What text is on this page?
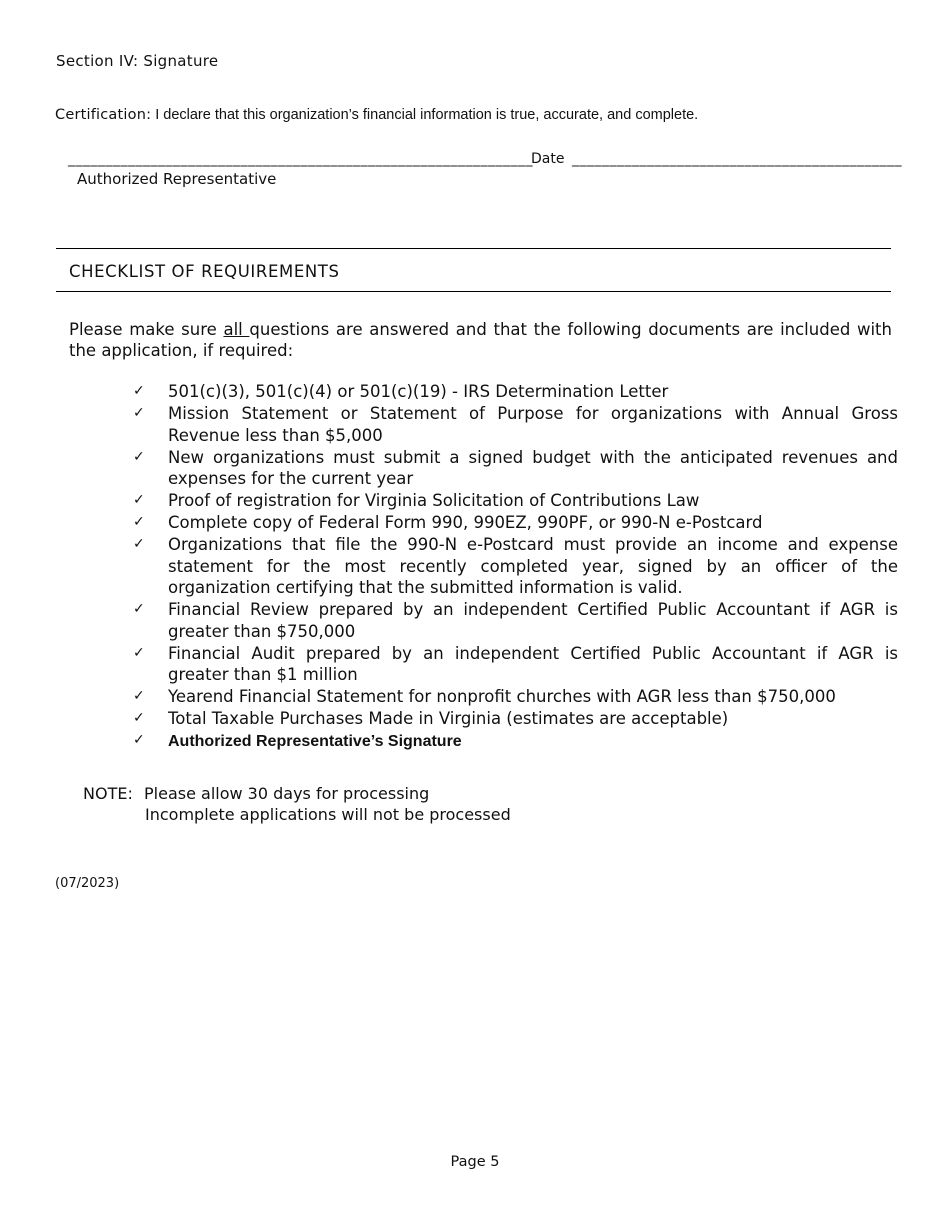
Section IV: Signature
Certification: I declare that this organization’s financial information is true, accurate, and complete.
______________________________________________________________
Date ____________________________________________
Authorized Representative
CHECKLIST OF REQUIREMENTS
Please make sure all questions are answered and that the following documents are included with the application, if required:
✓ 501(c)(3), 501(c)(4) or 501(c)(19) - IRS Determination Letter
✓ Mission Statement or Statement of Purpose for organizations with Annual Gross Revenue less than $5,000
✓ New organizations must submit a signed budget with the anticipated revenues and expenses for the current year
✓ Proof of registration for Virginia Solicitation of Contributions Law
✓ Complete copy of Federal Form 990, 990EZ, 990PF, or 990-N e-Postcard
✓ Organizations that file the 990-N e-Postcard must provide an income and expense statement for the most recently completed year, signed by an officer of the organization certifying that the submitted information is valid.
✓ Financial Review prepared by an independent Certified Public Accountant if AGR is greater than $750,000
✓ Financial Audit prepared by an independent Certified Public Accountant if AGR is greater than $1 million
✓ Yearend Financial Statement for nonprofit churches with AGR less than $750,000
✓ Total Taxable Purchases Made in Virginia (estimates are acceptable)
✓ Authorized Representative’s Signature
NOTE: Please allow 30 days for processing
Incomplete applications will not be processed
(07/2023)
Page 5
